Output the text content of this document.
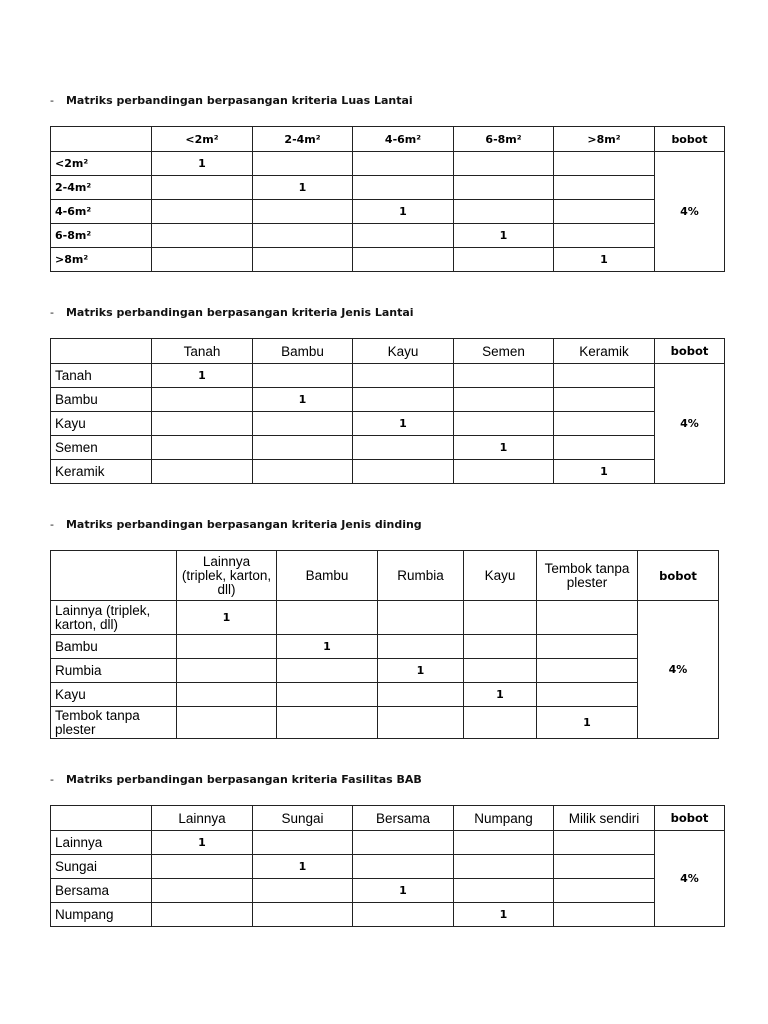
- Matriks perbandingan berpasangan kriteria Luas Lantai
	<2m²	2-4m²	4-6m²	6-8m²	>8m²	bobot
<2m²	1					4%
2-4m²		1				
4-6m²			1			
6-8m²				1		
>8m²					1	
- Matriks perbandingan berpasangan kriteria Jenis Lantai
	Tanah	Bambu	Kayu	Semen	Keramik	bobot
Tanah	1					4%
Bambu		1				
Kayu			1			
Semen				1		
Keramik					1	
- Matriks perbandingan berpasangan kriteria Jenis dinding
	Lainnya (triplek, karton, dll)	Bambu	Rumbia	Kayu	Tembok tanpa plester	bobot
Lainnya (triplek, karton, dll)	1					4%
Bambu		1				
Rumbia			1			
Kayu				1		
Tembok tanpa plester					1	
- Matriks perbandingan berpasangan kriteria Fasilitas BAB
	Lainnya	Sungai	Bersama	Numpang	Milik sendiri	bobot
Lainnya	1					4%
Sungai		1				
Bersama			1			
Numpang				1		
